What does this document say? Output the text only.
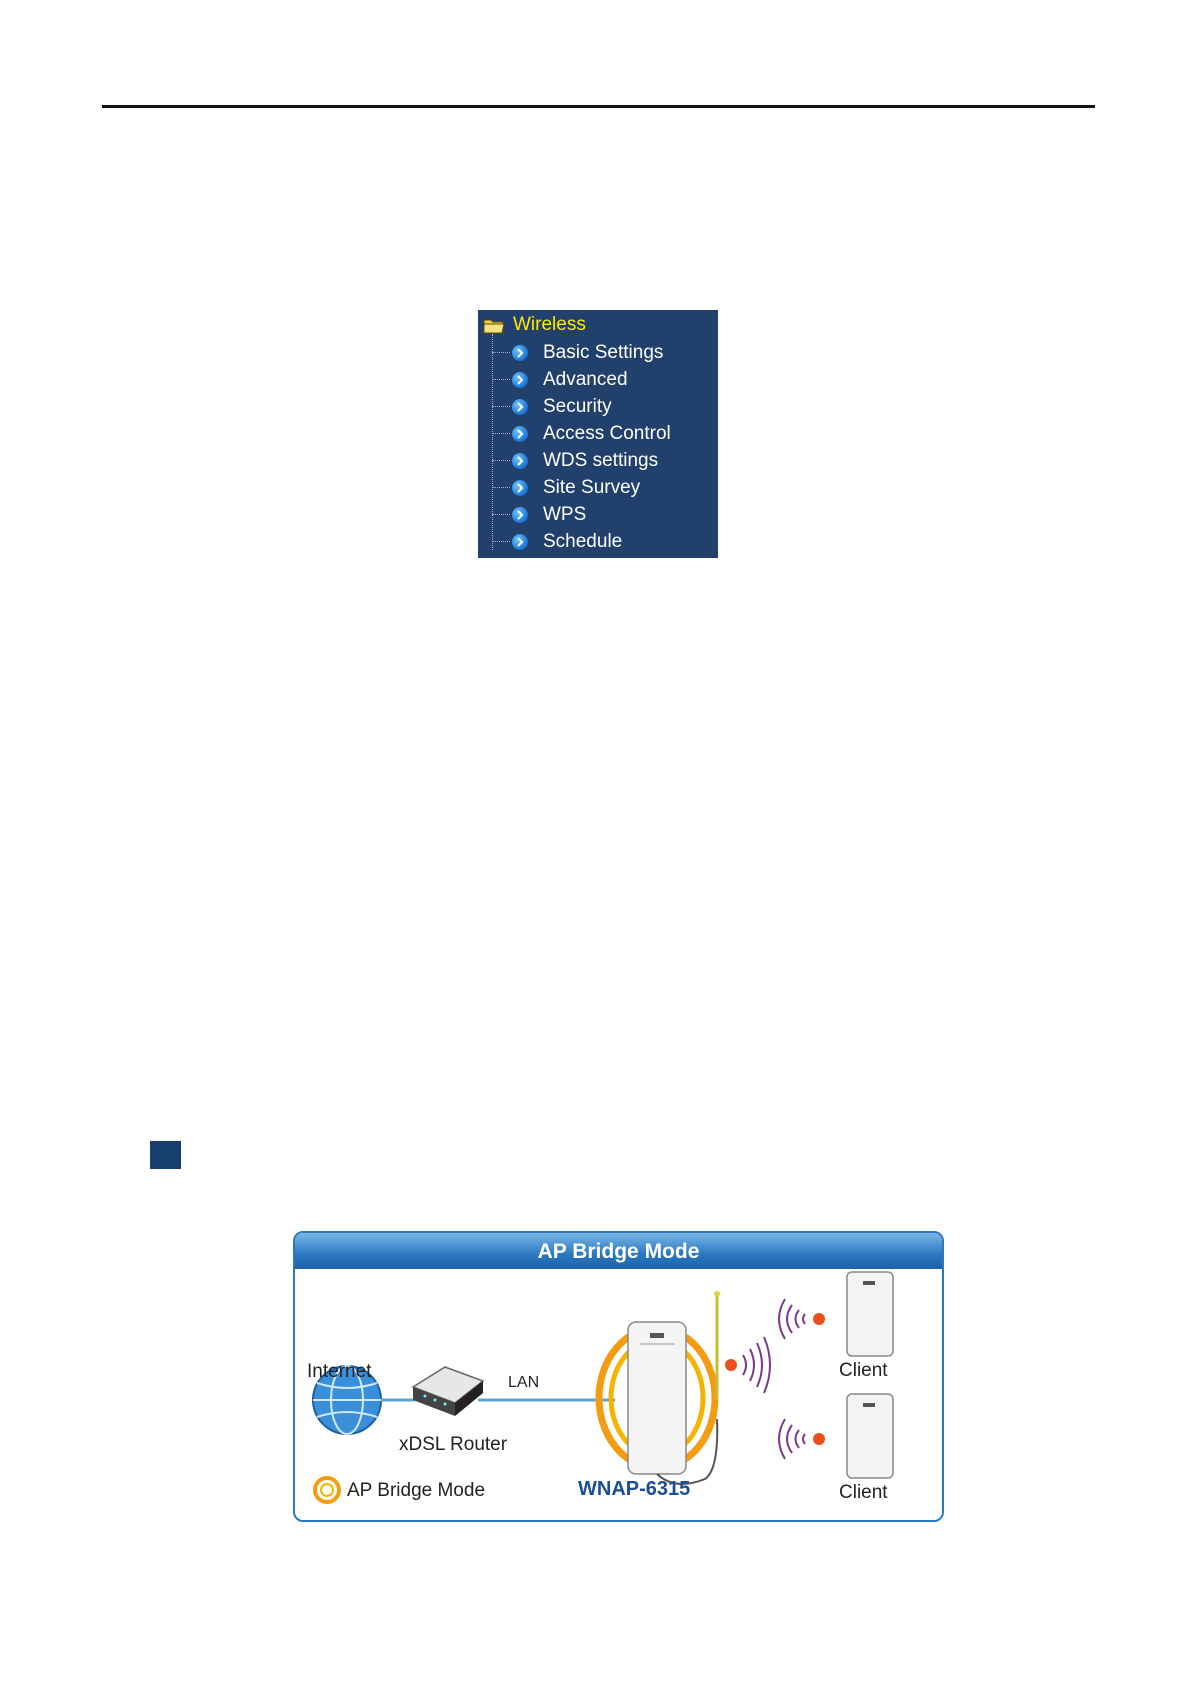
Wireless
Basic Settings
Advanced
Security
Access Control
WDS settings
Site Survey
WPS
Schedule
AP Bridge Mode
Internet
xDSL Router
LAN
WNAP-6315
Client
Client
AP Bridge Mode
